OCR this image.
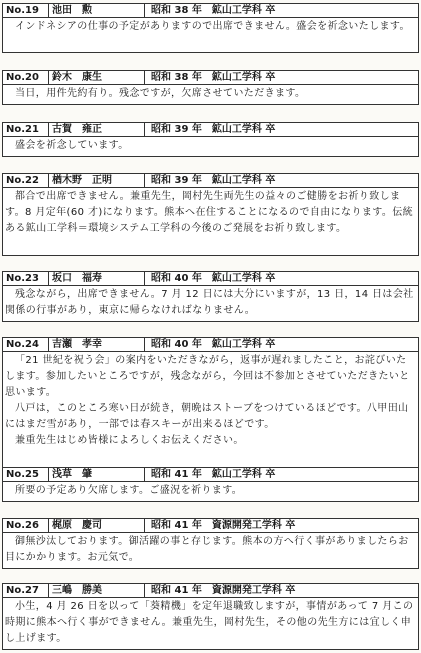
No.19	池田　勲	昭和 38 年　鉱山工学科 卒

インドネシアの仕事の予定がありますので出席できません。盛会を祈念いたします。

No.20	鈴木　康生	昭和 38 年　鉱山工学科 卒

当日，用件先約有り。残念ですが，欠席させていただきます。

No.21	古賀　雍正	昭和 39 年　鉱山工学科 卒

盛会を祈念しています。

No.22	楢木野　正明	昭和 39 年　鉱山工学科 卒

都合で出席できません。兼重先生，岡村先生両先生の益々のご健勝をお祈り致します。8 月定年(60 才)になります。熊本へ在住することになるので自由になります。伝統ある鉱山工学科＝環境システム工学科の今後のご発展をお祈り致します。

No.23	坂口　福寿	昭和 40 年　鉱山工学科 卒

残念ながら，出席できません。7 月 12 日には大分にいますが，13 日，14 日は会社関係の行事があり，東京に帰らなければなりません。

No.24	吉瀬　孝幸	昭和 40 年　鉱山工学科 卒

「21 世紀を祝う会」の案内をいただきながら，返事が遅れましたこと，お詫びいたします。参加したいところですが，残念ながら，今回は不参加とさせていただきたいと思います。

八戸は，このところ寒い日が続き，朝晩はストーブをつけているほどです。八甲田山にはまだ雪があり，一部では春スキーが出来るほどです。

兼重先生はじめ皆様によろしくお伝えください。

No.25	浅草　肇	昭和 41 年　鉱山工学科 卒

所要の予定あり欠席します。ご盛況を祈ります。

No.26	梶原　慶司	昭和 41 年　資源開発工学科 卒

御無沙汰しております。御活躍の事と存じます。熊本の方へ行く事がありましたらお目にかかります。お元気で。

No.27	三嶋　勝美	昭和 41 年　資源開発工学科 卒

小生，4 月 26 日を以って「葵精機」を定年退職致しますが，事情があって 7 月この時期に熊本へ行く事ができません。兼重先生，岡村先生，その他の先生方には宜しく申し上げます。
